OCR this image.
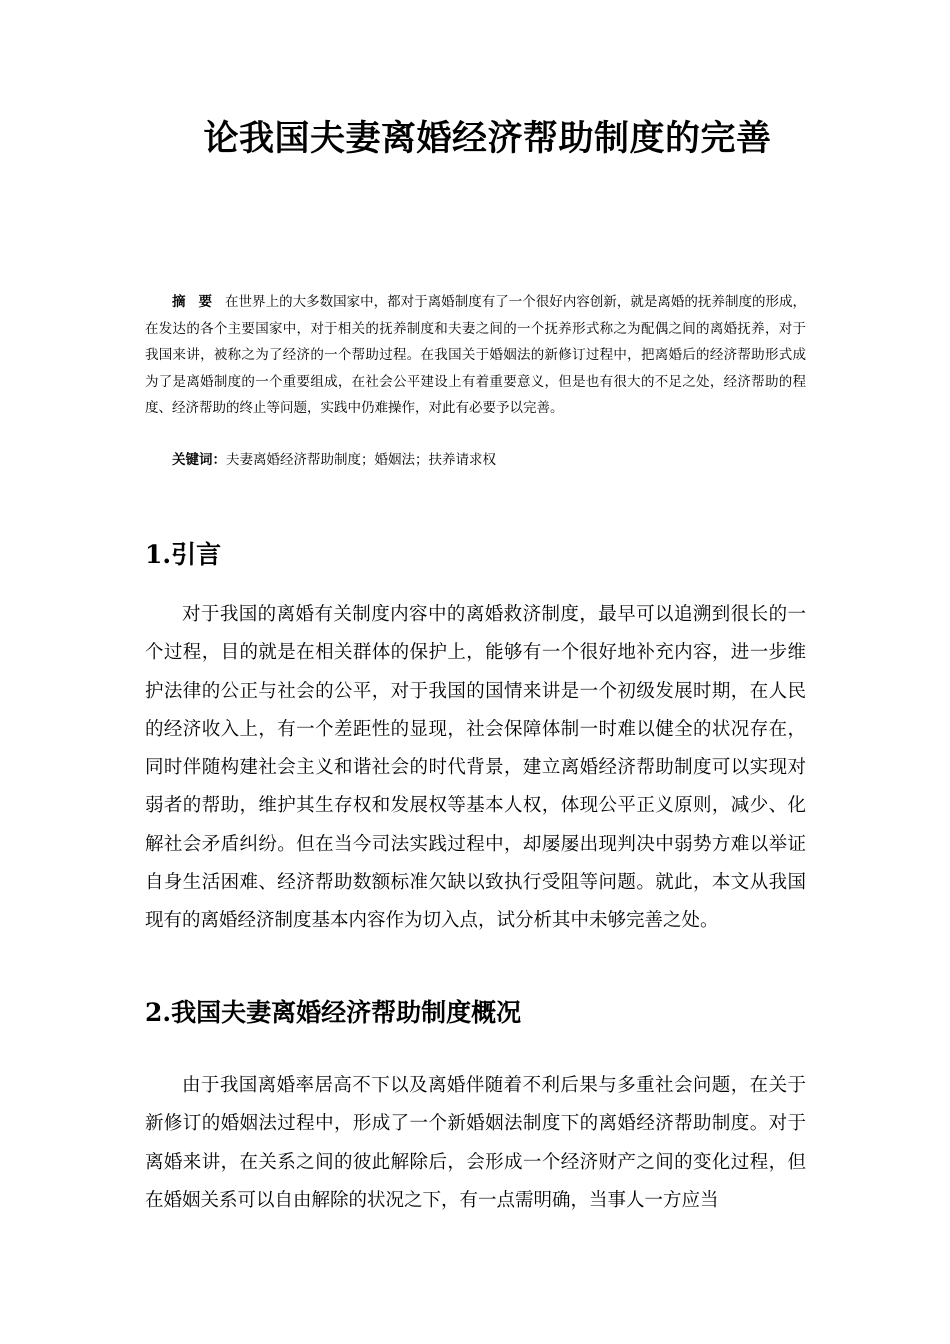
论我国夫妻离婚经济帮助制度的完善

摘要在世界上的大多数国家中，都对于离婚制度有了一个很好内容创新，就是离婚的抚养制度的形成，在发达的各个主要国家中，对于相关的抚养制度和夫妻之间的一个抚养形式称之为配偶之间的离婚抚养，对于我国来讲，被称之为了经济的一个帮助过程。在我国关于婚姻法的新修订过程中，把离婚后的经济帮助形式成为了是离婚制度的一个重要组成，在社会公平建设上有着重要意义，但是也有很大的不足之处，经济帮助的程度、经济帮助的终止等问题，实践中仍难操作，对此有必要予以完善。

关键词：夫妻离婚经济帮助制度；婚姻法；扶养请求权

1.引言

对于我国的离婚有关制度内容中的离婚救济制度，最早可以追溯到很长的一个过程，目的就是在相关群体的保护上，能够有一个很好地补充内容，进一步维护法律的公正与社会的公平，对于我国的国情来讲是一个初级发展时期，在人民的经济收入上，有一个差距性的显现，社会保障体制一时难以健全的状况存在，同时伴随构建社会主义和谐社会的时代背景，建立离婚经济帮助制度可以实现对弱者的帮助，维护其生存权和发展权等基本人权，体现公平正义原则，减少、化解社会矛盾纠纷。但在当今司法实践过程中，却屡屡出现判决中弱势方难以举证自身生活困难、经济帮助数额标准欠缺以致执行受阻等问题。就此，本文从我国现有的离婚经济制度基本内容作为切入点，试分析其中未够完善之处。

2.我国夫妻离婚经济帮助制度概况

由于我国离婚率居高不下以及离婚伴随着不利后果与多重社会问题，在关于新修订的婚姻法过程中，形成了一个新婚姻法制度下的离婚经济帮助制度。对于离婚来讲，在关系之间的彼此解除后，会形成一个经济财产之间的变化过程，但在婚姻关系可以自由解除的状况之下，有一点需明确，当事人一方应当
